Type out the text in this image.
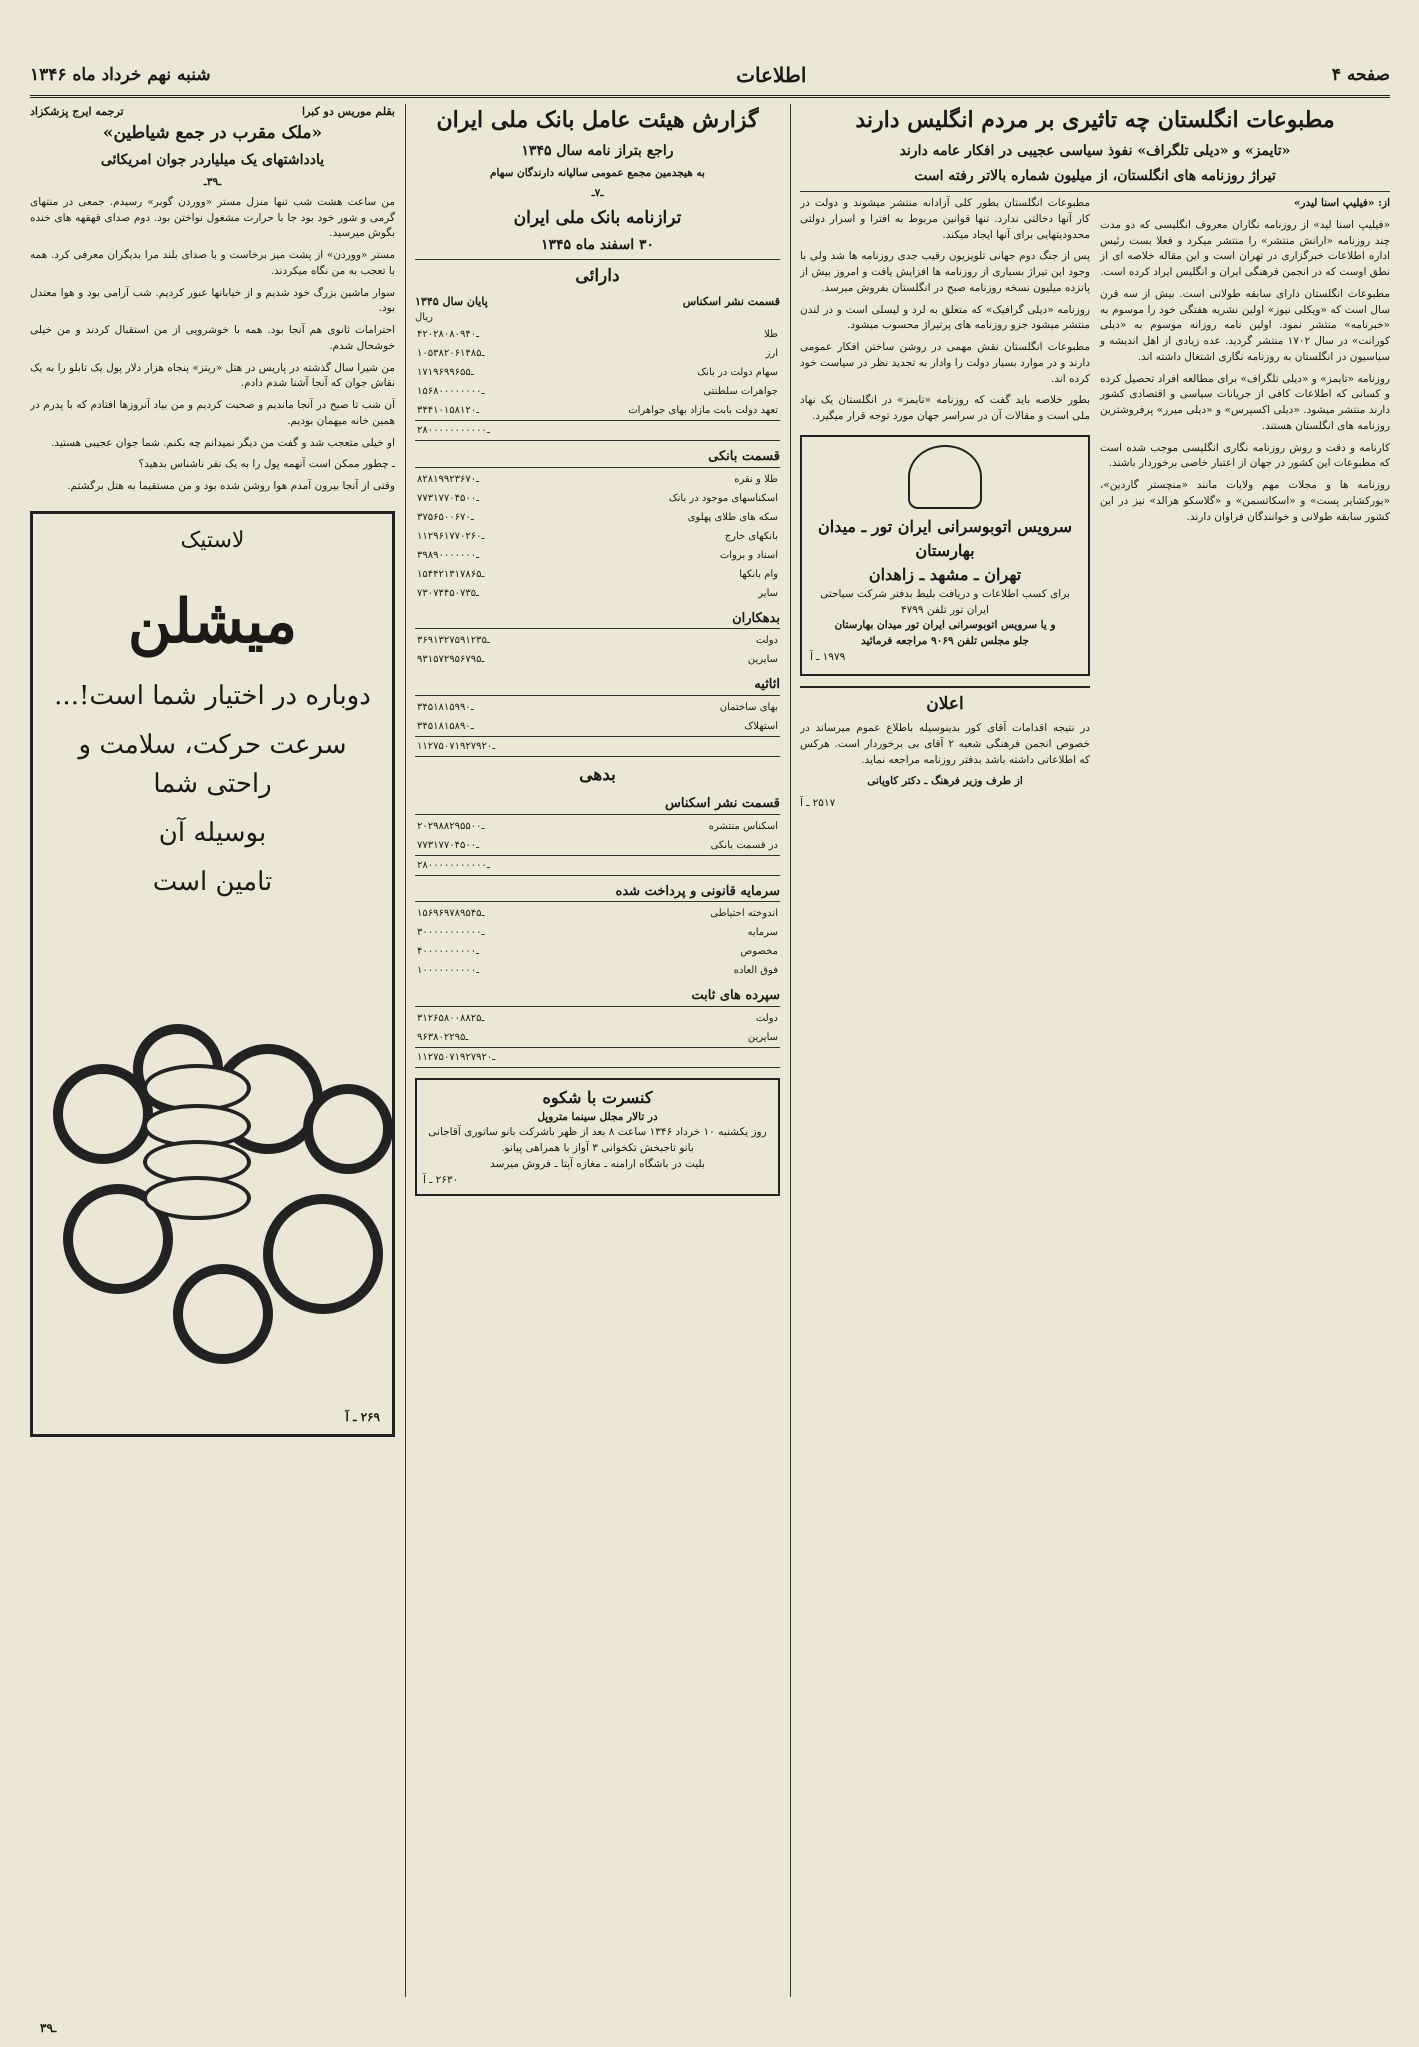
صفحه ۴
اطلاعات
شنبه نهم خرداد ماه ۱۳۴۶
مطبوعات انگلستان چه تاثیری بر مردم انگلیس دارند
«تایمز» و «دیلی تلگراف» نفوذ سیاسی عجیبی در افکار عامه دارند
تیراژ روزنامه های انگلستان، از میلیون شماره بالاتر رفته است

از: «فیلیپ اسنا لیدر»

«فیلیپ اسنا لید» از روزنامه نگاران معروف انگلیسی که دو مدت چند روزنامه «ارانش منتشر» را منتشر میکرد و فعلا بست رئیس اداره اطلاعات خبرگزاری در تهران است و این مقاله خلاصه ای از نطق اوست که در انجمن فرهنگی ایران و انگلیس ایراد کرده است.

مطبوعات انگلستان دارای سابقه طولانی است. بیش از سه قرن سال است که «ویکلی نیوز» اولین نشریه هفتگی خود را موسوم به «خبرنامه» منتشر نمود. اولین نامه روزانه موسوم به «دیلی کورانت» در سال ۱۷۰۲ منتشر گردید. عده زیادی از اهل اندیشه و سیاسیون در انگلستان به روزنامه نگاری اشتغال داشته اند.

روزنامه «تایمز» و «دیلی تلگراف» برای مطالعه افراد تحصیل کرده و کسانی که اطلاعات کافی از جریانات سیاسی و اقتصادی کشور دارند منتشر میشود. «دیلی اکسپرس» و «دیلی میرر» پرفروشترین روزنامه های انگلستان هستند.

کارنامه و دقت و روش روزنامه نگاری انگلیسی موجب شده است که مطبوعات این کشور در جهان از اعتبار خاصی برخوردار باشند.

روزنامه ها و مجلات مهم ولایات مانند «منچستر گاردین»، «یورکشایر پست» و «اسکاتسمن» و «گلاسکو هرالد» نیز در این کشور سابقه طولانی و خوانندگان فراوان دارند.

مطبوعات انگلستان بطور کلی آزادانه منتشر میشوند و دولت در کار آنها دخالتی ندارد. تنها قوانین مربوط به افترا و اسرار دولتی محدودیتهایی برای آنها ایجاد میکند.

پس از جنگ دوم جهانی تلویزیون رقیب جدی روزنامه ها شد ولی با وجود این تیراژ بسیاری از روزنامه ها افزایش یافت و امروز بیش از پانزده میلیون نسخه روزنامه صبح در انگلستان بفروش میرسد.

روزنامه «دیلی گرافیک» که متعلق به لرد و لیسلی است و در لندن منتشر میشود جزو روزنامه های پرتیراژ محسوب میشود.

مطبوعات انگلستان نقش مهمی در روشن ساختن افکار عمومی دارند و در موارد بسیار دولت را وادار به تجدید نظر در سیاست خود کرده اند.

بطور خلاصه باید گفت که روزنامه «تایمز» در انگلستان یک نهاد ملی است و مقالات آن در سراسر جهان مورد توجه قرار میگیرد.

سرویس اتوبوسرانی ایران تور ـ میدان بهارستان
تهران ـ مشهد ـ زاهدان
برای کسب اطلاعات و دریافت بلیط بدفتر شرکت سیاحتی ایران تور تلفن ۴۷۹۹
و یا سرویس اتوبوسرانی ایران تور میدان بهارستان
جلو مجلس تلفن ۹۰۶۹ مراجعه فرمائید
۱۹۷۹ ـ آ
اعلان

در نتیجه اقدامات آقای کور بدینوسیله باطلاع عموم میرساند در خصوص انجمن فرهنگی شعبه ۲ آقای بی برخوردار است. هرکس که اطلاعاتی داشته باشد بدفتر روزنامه مراجعه نماید.

از طرف وزیر فرهنگ ـ دکتر کاویانی

۲۵۱۷ ـ آ
گزارش هیئت عامل بانک ملی ایران
راجع بتراز نامه سال ۱۳۴۵
به هیجدمین مجمع عمومی سالیانه دارندگان سهام
ـ۷ـ
ترازنامه بانک ملی ایران
۳۰ اسفند ماه ۱۳۴۵
دارائی
قسمت نشر اسکناس
پایان سال ۱۳۴۵
ریال
طلا	۴۲۰۲۸۰۸۰۹ـ۴۰
ارز	۱۰۵۳۸۲۰۶۱۴ـ۸۵
سهام دولت در بانک	۱۷۱۹۶۹۹۶ـ۵۵
جواهرات سلطنتی	۱۵۶۸۰۰۰۰۰۰ـ۰۰
تعهد دولت بابت مازاد بهای جواهرات	۳۴۴۱۰۱۵۸۱ـ۲۰
	۲۸۰۰۰۰۰۰۰۰۰ـ۰۰
قسمت بانکی
طلا و نقره	۸۲۸۱۹۹۲۳۶ـ۷۰
اسکناسهای موجود در بانک	۷۷۳۱۷۷۰۴۵ـ۰۰
سکه های طلای پهلوی	۳۷۵۶۵۰۰۶ـ۷۰
بانکهای خارج	۱۱۲۹۶۱۷۷۰۲ـ۶۰
اسناد و بروات	۳۹۸۹۰۰۰۰۰ـ۰۰
وام بانکها	۱۵۴۴۲۱۳۱۷۸ـ۶۵
سایر	۷۳۰۷۴۴۵۰۷ـ۳۵
بدهکاران
دولت	۳۶۹۱۳۲۷۵۹۱۲ـ۳۵
سایرین	۹۳۱۵۷۲۹۵۶۷ـ۹۵
اثاثیه
بهای ساختمان	۳۴۵۱۸۱۵۹ـ۹۰
استهلاک	۳۴۵۱۸۱۵۸ـ۹۰
	۱۱۲۷۵۰۷۱۹۲۷۹ـ۲۰
بدهی
قسمت نشر اسکناس
اسکناس منتشره	۲۰۲۹۸۸۲۹۵۵ـ۰۰
در قسمت بانکی	۷۷۳۱۷۷۰۴۵ـ۰۰
	۲۸۰۰۰۰۰۰۰۰۰ـ۰۰
سرمایه قانونی و پرداخت شده
اندوخته احتیاطی	۱۵۶۹۶۹۷۸۹۵ـ۴۵
سرمایه	۳۰۰۰۰۰۰۰۰۰ـ۰۰
مخصوص	۴۰۰۰۰۰۰۰۰ـ۰۰
فوق العاده	۱۰۰۰۰۰۰۰۰ـ۰۰
سپرده های ثابت
دولت	۳۱۲۶۵۸۰۰۸۸ـ۲۵
سایرین	۹۶۳۸۰۲۲ـ۹۵
	۱۱۲۷۵۰۷۱۹۲۷۹ـ۲۰
کنسرت با شکوه
در تالار مجلل سینما متروپل
روز یکشنبه ۱۰ خرداد ۱۳۴۶ ساعت ۸ بعد از ظهر باشرکت بانو ساتوری آقاجانی بانو تاجبخش تکخوانی ۳ آواز با همراهی پیانو.
بلیت در باشگاه ارامنه ـ مغازه آپتا ـ فروش میرسد
۲۶۳۰ ـ آ
بقلم موریس دو کبرا
ترجمه ایرج پزشکزاد
«ملک مقرب در جمع شیاطین»
یادداشتهای یک میلیاردر جوان امریکائی
ـ۳۹ـ

من ساعت هشت شب تنها منزل مستر «ووردن گوبر» رسیدم. جمعی در منتهای گرمی و شور خود بود جا با حرارت مشغول نواختن بود. دوم صدای قهقهه های خنده بگوش میرسید.

مستر «ووردن» از پشت میز برخاست و با صدای بلند مرا بدیگران معرفی کرد. همه با تعجب به من نگاه میکردند.

سوار ماشین بزرگ خود شدیم و از خیابانها عبور کردیم. شب آرامی بود و هوا معتدل بود.

احترامات ثانوی هم آنجا بود. همه با خوشرویی از من استقبال کردند و من خیلی خوشحال شدم.

من شیرا سال گذشته در پاریس در هتل «ریتز» پنجاه هزار دلار پول یک تابلو را به یک نقاش جوان که آنجا آشنا شدم دادم.

آن شب تا صبح در آنجا ماندیم و صحبت کردیم و من بیاد آنروزها افتادم که با پدرم در همین خانه میهمان بودیم.

او خیلی متعجب شد و گفت من دیگر نمیدانم چه بکنم. شما جوان عجیبی هستید.

ـ چطور ممکن است آنهمه پول را به یک نفر ناشناس بدهید؟

وقتی از آنجا بیرون آمدم هوا روشن شده بود و من مستقیما به هتل برگشتم.

لاستیک
میشلن
دوباره در اختیار شما است!...
سرعت حرکت، سلامت و راحتی شما
بوسیله آن
تامین است
۲۶۹ ـ آ
۳ـ۹
